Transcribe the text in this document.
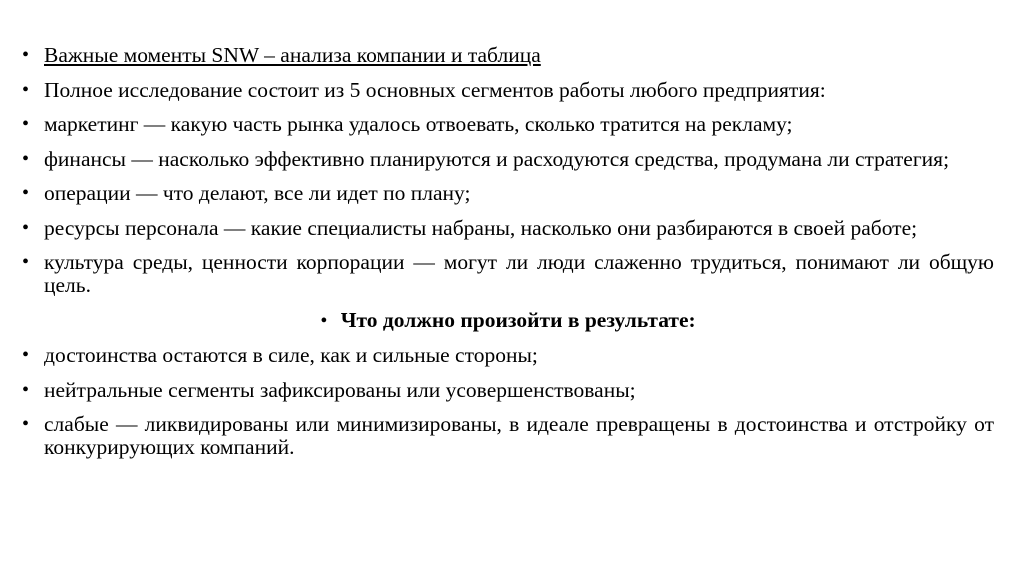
• Важные моменты SNW – анализа компании и таблица
• Полное исследование состоит из 5 основных сегментов работы любого предприятия:
• маркетинг — какую часть рынка удалось отвоевать, сколько тратится на рекламу;
• финансы — насколько эффективно планируются и расходуются средства, продумана ли стратегия;
• операции — что делают, все ли идет по плану;
• ресурсы персонала — какие специалисты набраны, насколько они разбираются в своей работе;
• культура среды, ценности корпорации — могут ли люди слаженно трудиться, понимают ли общую цель.
• Что должно произойти в результате:
• достоинства остаются в силе, как и сильные стороны;
• нейтральные сегменты зафиксированы или усовершенствованы;
• слабые — ликвидированы или минимизированы, в идеале превращены в достоинства и отстройку от конкурирующих компаний.
